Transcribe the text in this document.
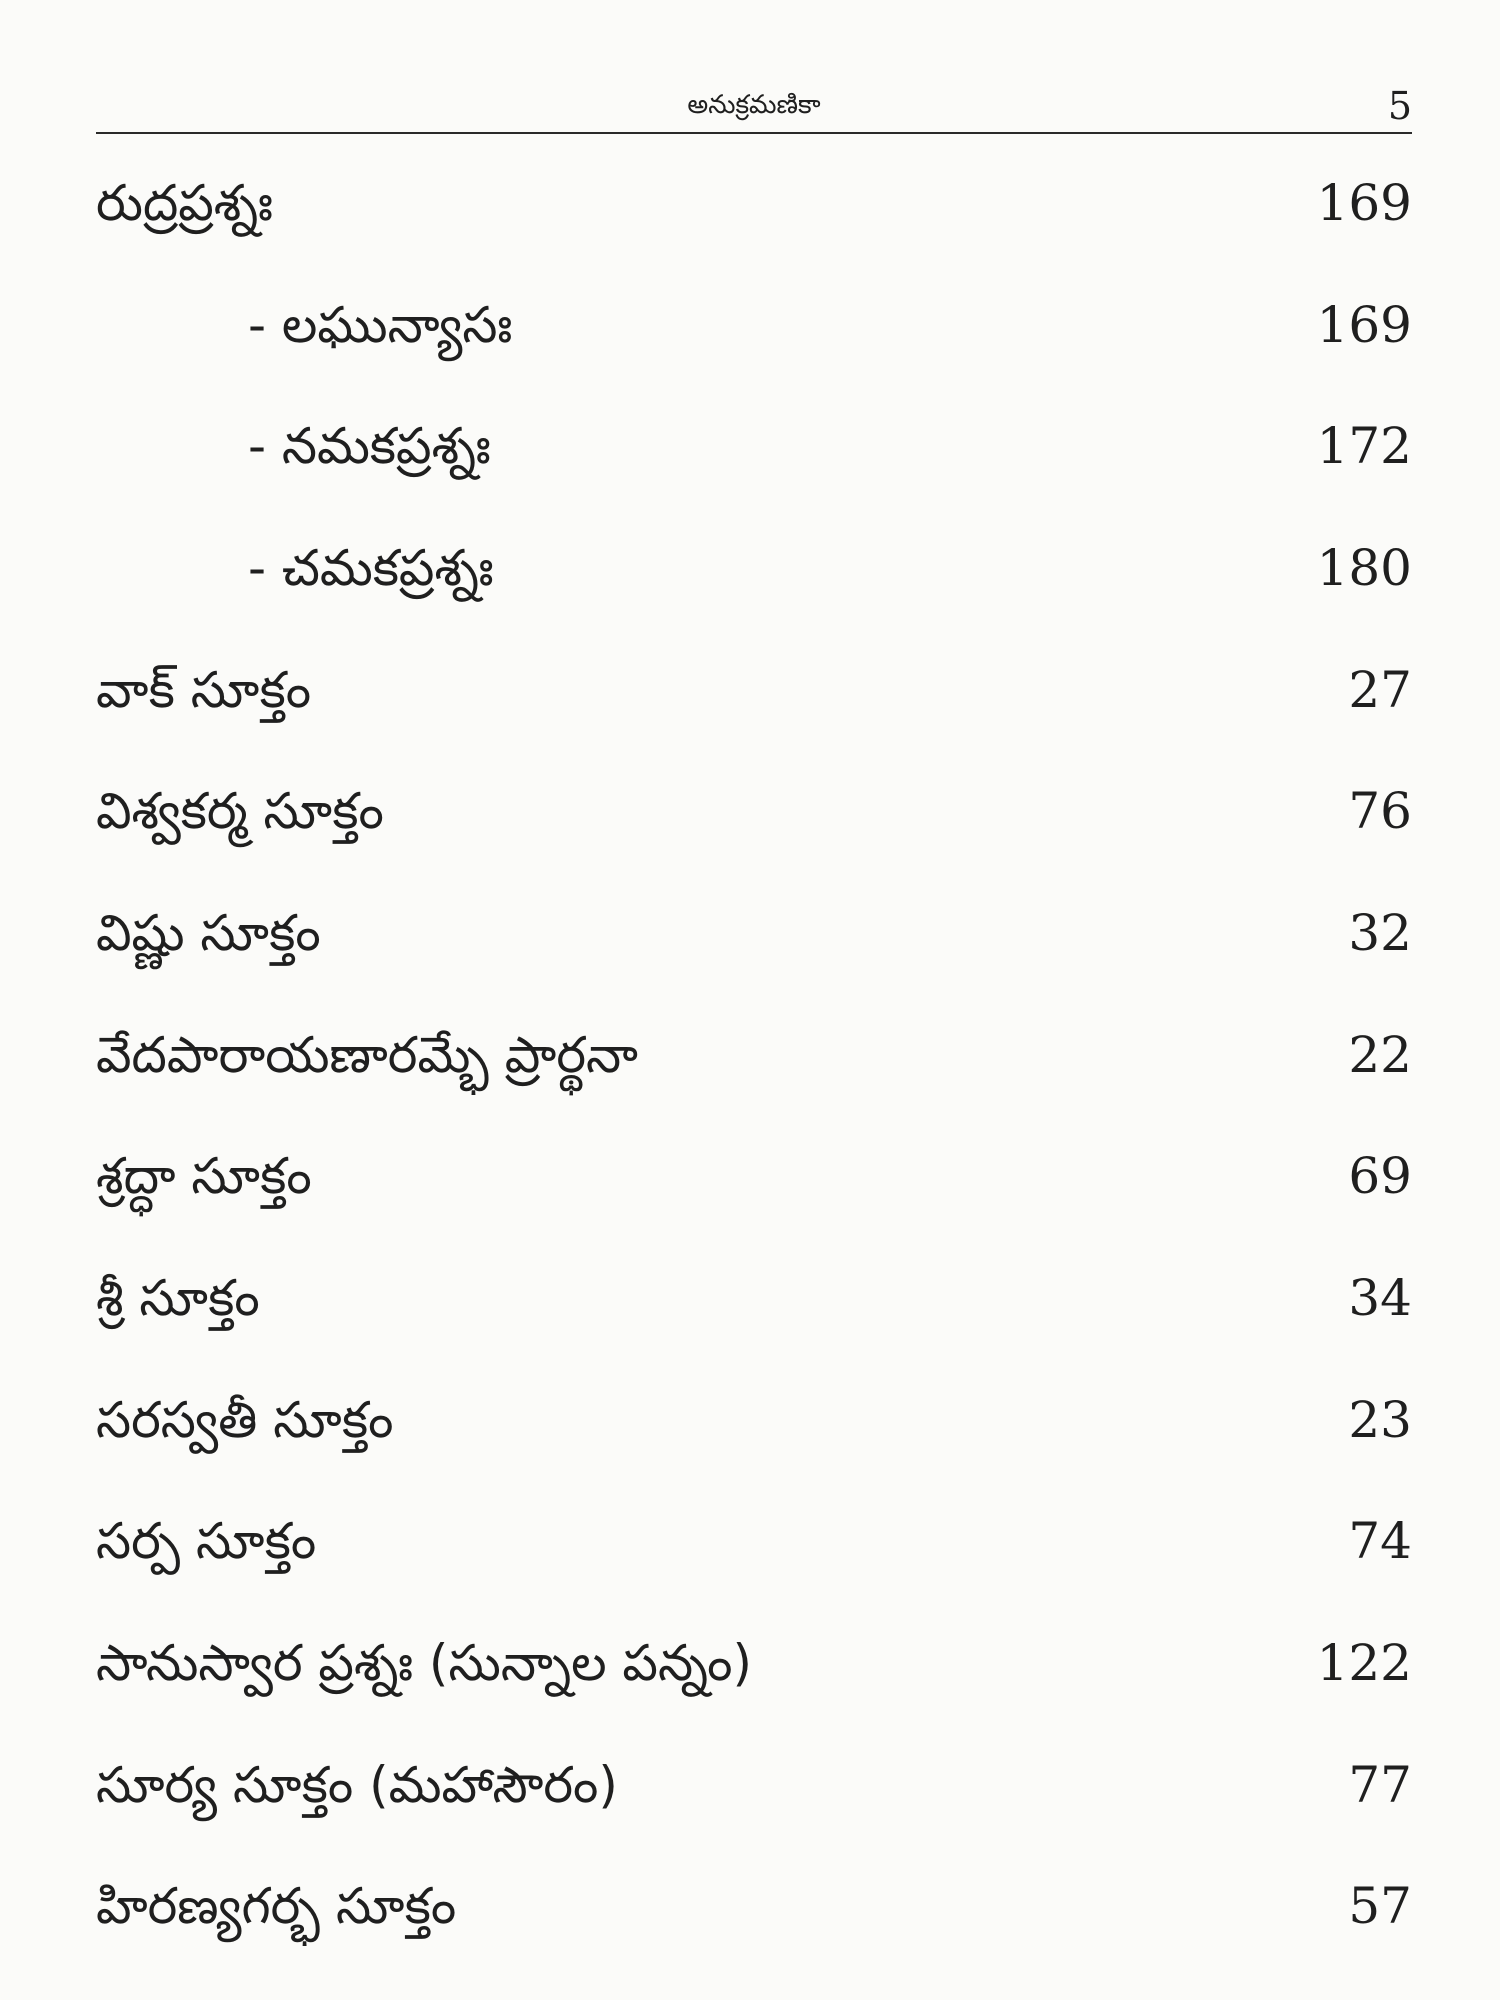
అనుక్రమణికా	5
రుద్రప్రశ్నః	169
- లఘున్యాసః	169
- నమకప్రశ్నః	172
- చమకప్రశ్నః	180
వాక్ సూక్తం	27
విశ్వకర్మ సూక్తం	76
విష్ణు సూక్తం	32
వేదపారాయణారమ్భే ప్రార్థనా	22
శ్రద్ధా సూక్తం	69
శ్రీ సూక్తం	34
సరస్వతీ సూక్తం	23
సర్ప సూక్తం	74
సానుస్వార ప్రశ్నః (సున్నాల పన్నం)	122
సూర్య సూక్తం (మహాసౌరం)	77
హిరణ్యగర్భ సూక్తం	57
